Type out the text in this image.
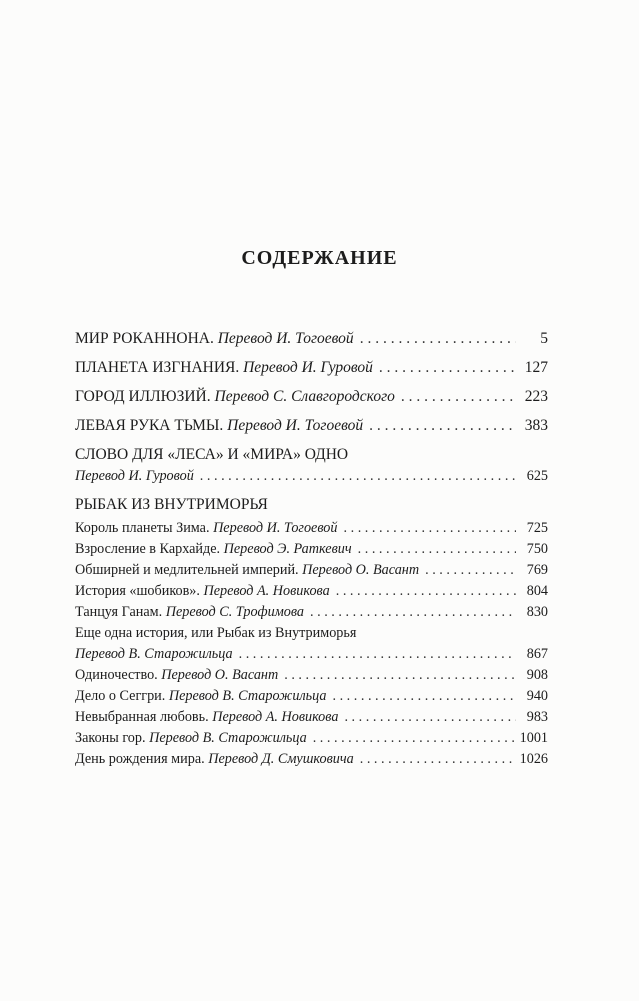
СОДЕРЖАНИЕ
МИР РОКАННОНА. Перевод И. Тогоевой . . .	5
ПЛАНЕТА ИЗГНАНИЯ. Перевод И. Гуровой . . .	127
ГОРОД ИЛЛЮЗИЙ. Перевод С. Славгородского . . .	223
ЛЕВАЯ РУКА ТЬМЫ. Перевод И. Тогоевой . . .	383
СЛОВО ДЛЯ «ЛЕСА» И «МИРА» ОДНО
Перевод И. Гуровой . . .	625
РЫБАК ИЗ ВНУТРИМОРЬЯ
Король планеты Зима. Перевод И. Тогоевой . . .	725
Взросление в Кархайде. Перевод Э. Раткевич . . .	750
Обширней и медлительней империй. Перевод О. Васант . . .	769
История «шобиков». Перевод А. Новикова . . .	804
Танцуя Ганам. Перевод С. Трофимова . . .	830
Еще одна история, или Рыбак из Внутриморья
Перевод В. Старожильца . . .	867
Одиночество. Перевод О. Васант . . .	908
Дело о Сеггри. Перевод В. Старожильца . . .	940
Невыбранная любовь. Перевод А. Новикова . . .	983
Законы гор. Перевод В. Старожильца . . .	1001
День рождения мира. Перевод Д. Смушковича . . .	1026
